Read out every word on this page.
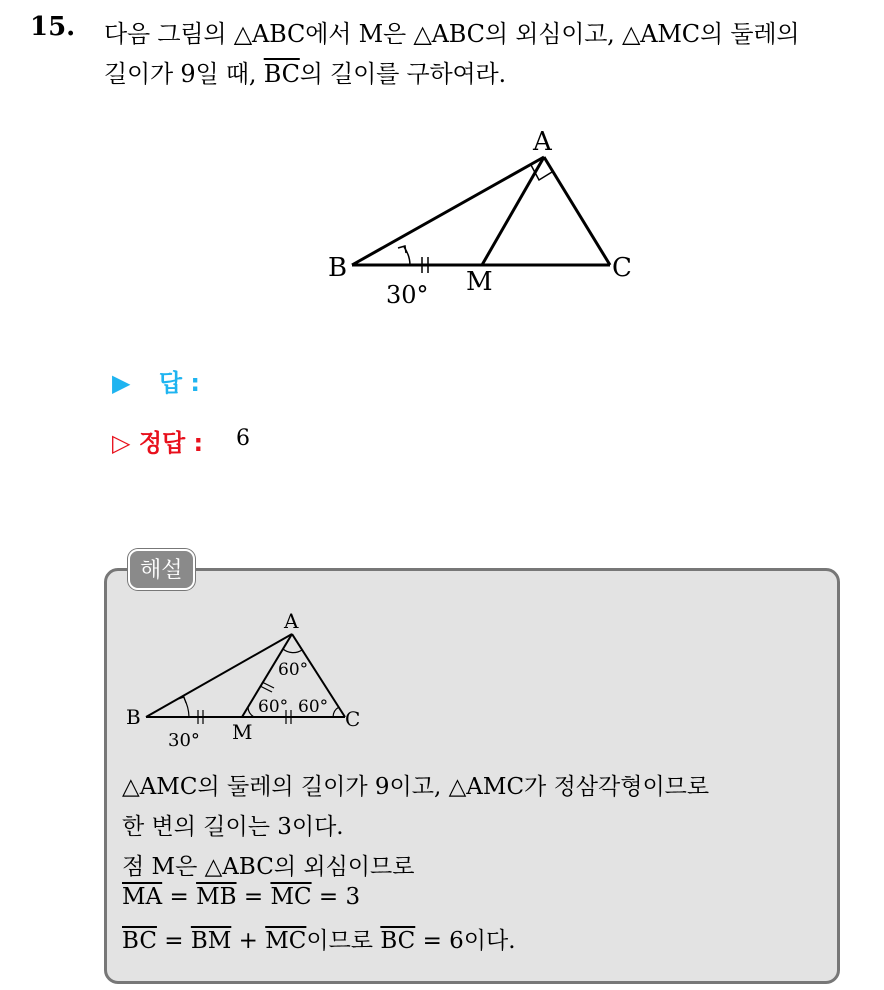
15. 다음 그림의 △ABC에서 M은 △ABC의 외심이고, △AMC의 둘레의
길이가 9일 때, $\overline{BC}$의 길이를 구하여라.
A
B	C
M
30°
▶ 답 :
▷ 정답 : 6
해설
A
B	C
M
30°
60°
60° 60°
△AMC의 둘레의 길이가 9이고, △AMC가 정삼각형이므로
한 변의 길이는 3이다.
점 M은 △ABC의 외심이므로
$\overline{MA} = \overline{MB} = \overline{MC} = 3$
$\overline{BC} = \overline{BM} + \overline{MC}$이므로 $\overline{BC} = 6$이다.
